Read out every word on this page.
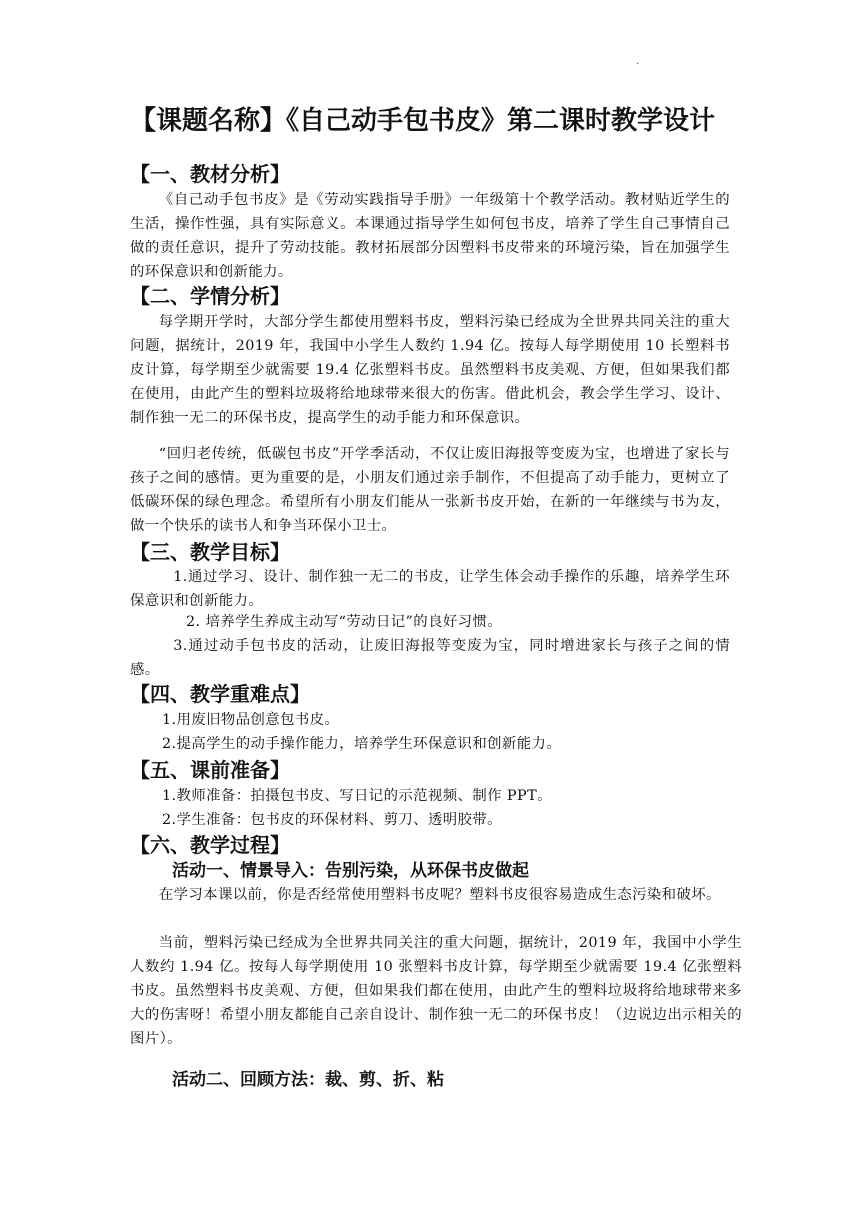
.
【课题名称】《自己动手包书皮》第二课时教学设计
【一、教材分析】
《自己动手包书皮》是《劳动实践指导手册》一年级第十个教学活动。教材贴近学生的生活，操作性强，具有实际意义。本课通过指导学生如何包书皮，培养了学生自己事情自己做的责任意识，提升了劳动技能。教材拓展部分因塑料书皮带来的环境污染，旨在加强学生的环保意识和创新能力。
【二、学情分析】
每学期开学时，大部分学生都使用塑料书皮，塑料污染已经成为全世界共同关注的重大问题，据统计，2019 年，我国中小学生人数约 1.94 亿。按每人每学期使用 10 长塑料书皮计算，每学期至少就需要 19.4 亿张塑料书皮。虽然塑料书皮美观、方便，但如果我们都在使用，由此产生的塑料垃圾将给地球带来很大的伤害。借此机会，教会学生学习、设计、制作独一无二的环保书皮，提高学生的动手能力和环保意识。
“回归老传统，低碳包书皮”开学季活动，不仅让废旧海报等变废为宝，也增进了家长与孩子之间的感情。更为重要的是，小朋友们通过亲手制作，不但提高了动手能力，更树立了低碳环保的绿色理念。希望所有小朋友们能从一张新书皮开始，在新的一年继续与书为友，做一个快乐的读书人和争当环保小卫士。
【三、教学目标】
1.通过学习、设计、制作独一无二的书皮，让学生体会动手操作的乐趣，培养学生环保意识和创新能力。
2. 培养学生养成主动写“劳动日记”的良好习惯。
3.通过动手包书皮的活动，让废旧海报等变废为宝，同时增进家长与孩子之间的情感。
【四、教学重难点】
1.用废旧物品创意包书皮。
2.提高学生的动手操作能力，培养学生环保意识和创新能力。
【五、课前准备】
1.教师准备：拍摄包书皮、写日记的示范视频、制作 PPT。
2.学生准备：包书皮的环保材料、剪刀、透明胶带。
【六、教学过程】
活动一、情景导入：告别污染，从环保书皮做起
在学习本课以前，你是否经常使用塑料书皮呢？塑料书皮很容易造成生态污染和破坏。
当前，塑料污染已经成为全世界共同关注的重大问题，据统计，2019 年，我国中小学生人数约 1.94 亿。按每人每学期使用 10 张塑料书皮计算，每学期至少就需要 19.4 亿张塑料书皮。虽然塑料书皮美观、方便，但如果我们都在使用，由此产生的塑料垃圾将给地球带来多大的伤害呀！希望小朋友都能自己亲自设计、制作独一无二的环保书皮！（边说边出示相关的图片）。
活动二、回顾方法：裁、剪、折、粘
